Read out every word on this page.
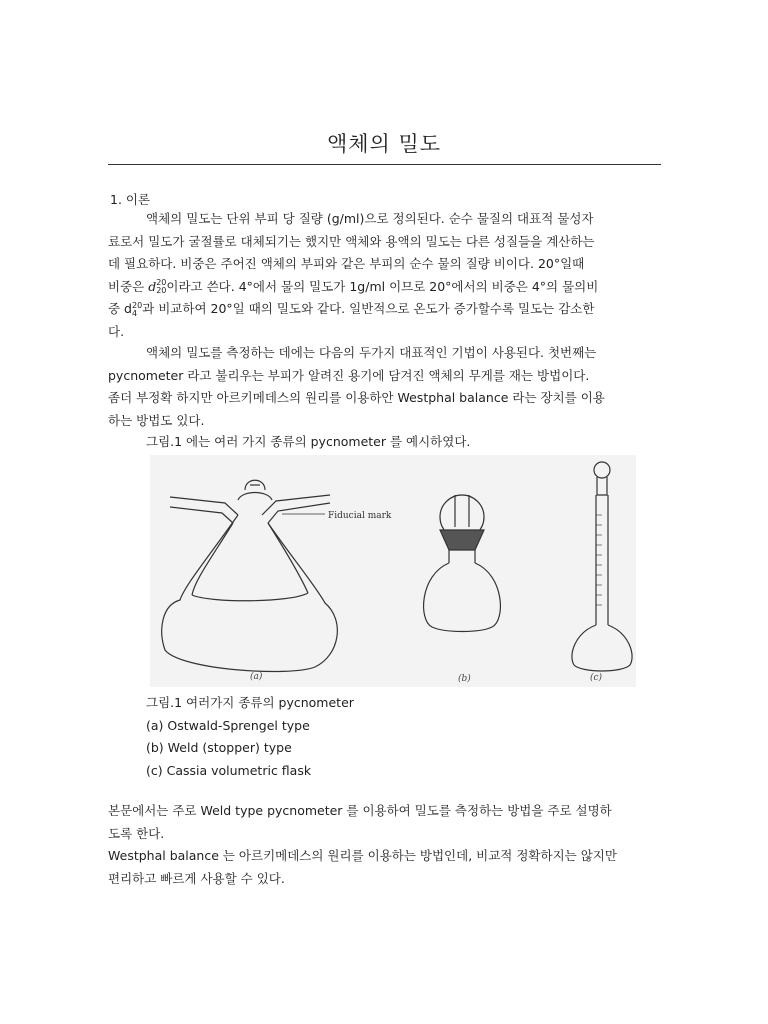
액체의 밀도
1. 이론
액체의 밀도는 단위 부피 당 질량 (g/ml)으로 정의된다. 순수 물질의 대표적 물성자
료로서 밀도가 굴절률로 대체되기는 했지만 액체와 용액의 밀도는 다른 성질들을 계산하는
데 필요하다. 비중은 주어진 액체의 부피와 같은 부피의 순수 물의 질량 비이다. 20°일때
비중은 d20
20이라고 쓴다. 4°에서 물의 밀도가 1g/ml 이므로 20°에서의 비중은 4°의 물의비
중 d20
4 과 비교하여 20°일 때의 밀도와 같다. 일반적으로 온도가 증가할수록 밀도는 감소한
다.
액체의 밀도를 측정하는 데에는 다음의 두가지 대표적인 기법이 사용된다. 첫번째는
pycnometer 라고 불리우는 부피가 알려진 용기에 담겨진 액체의 무게를 재는 방법이다.
좀더 부정확 하지만 아르키메데스의 원리를 이용하안 Westphal balance 라는 장치를 이용
하는 방법도 있다.
그림.1 에는 여러 가지 종류의 pycnometer 를 예시하였다.
Fiducial mark
(a)	(b)	(c)
그림.1 여러가지 종류의 pycnometer
(a) Ostwald-Sprengel type
(b) Weld (stopper) type
(c) Cassia volumetric flask
본문에서는 주로 Weld type pycnometer 를 이용하여 밀도를 측정하는 방법을 주로 설명하
도록 한다.
Westphal balance 는 아르키메데스의 원리를 이용하는 방법인데, 비교적 정확하지는 않지만
편리하고 빠르게 사용할 수 있다.
